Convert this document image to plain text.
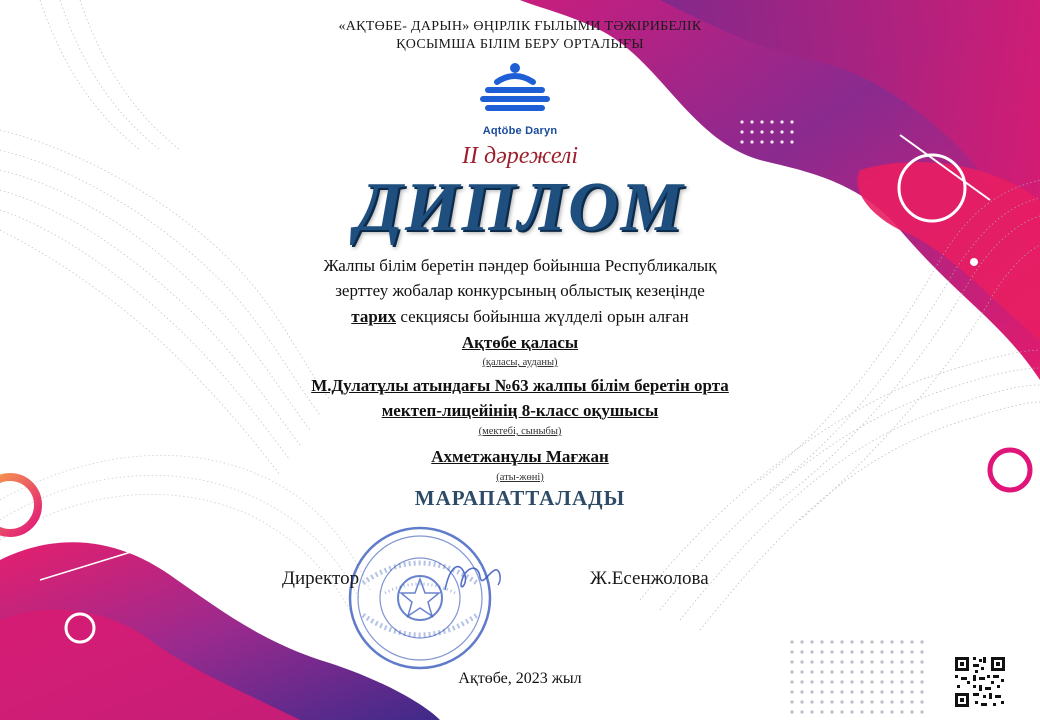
«АҚТӨБЕ- ДАРЫН» ӨҢІРЛІК ҒЫЛЫМИ ТӘЖІРИБЕЛІК
ҚОСЫМША БІЛІМ БЕРУ ОРТАЛЫҒЫ
Aqtöbe Daryn
ІІ дәрежелі
ДИПЛОМ
Жалпы білім беретін пәндер бойынша Республикалық
зерттеу жобалар конкурсының облыстық кезеңінде
тарих секциясы бойынша жүлделі орын алған
Ақтөбе қаласы
(қаласы, ауданы)
М.Дулатұлы атындағы №63 жалпы білім беретін орта
мектеп-лицейінің 8-класс оқушысы
(мектебі, сыныбы)
Ахметжанұлы Мағжан
(аты-жөні)
МАРАПАТТАЛАДЫ
Директор	Ж.Есенжолова
Ақтөбе, 2023 жыл
